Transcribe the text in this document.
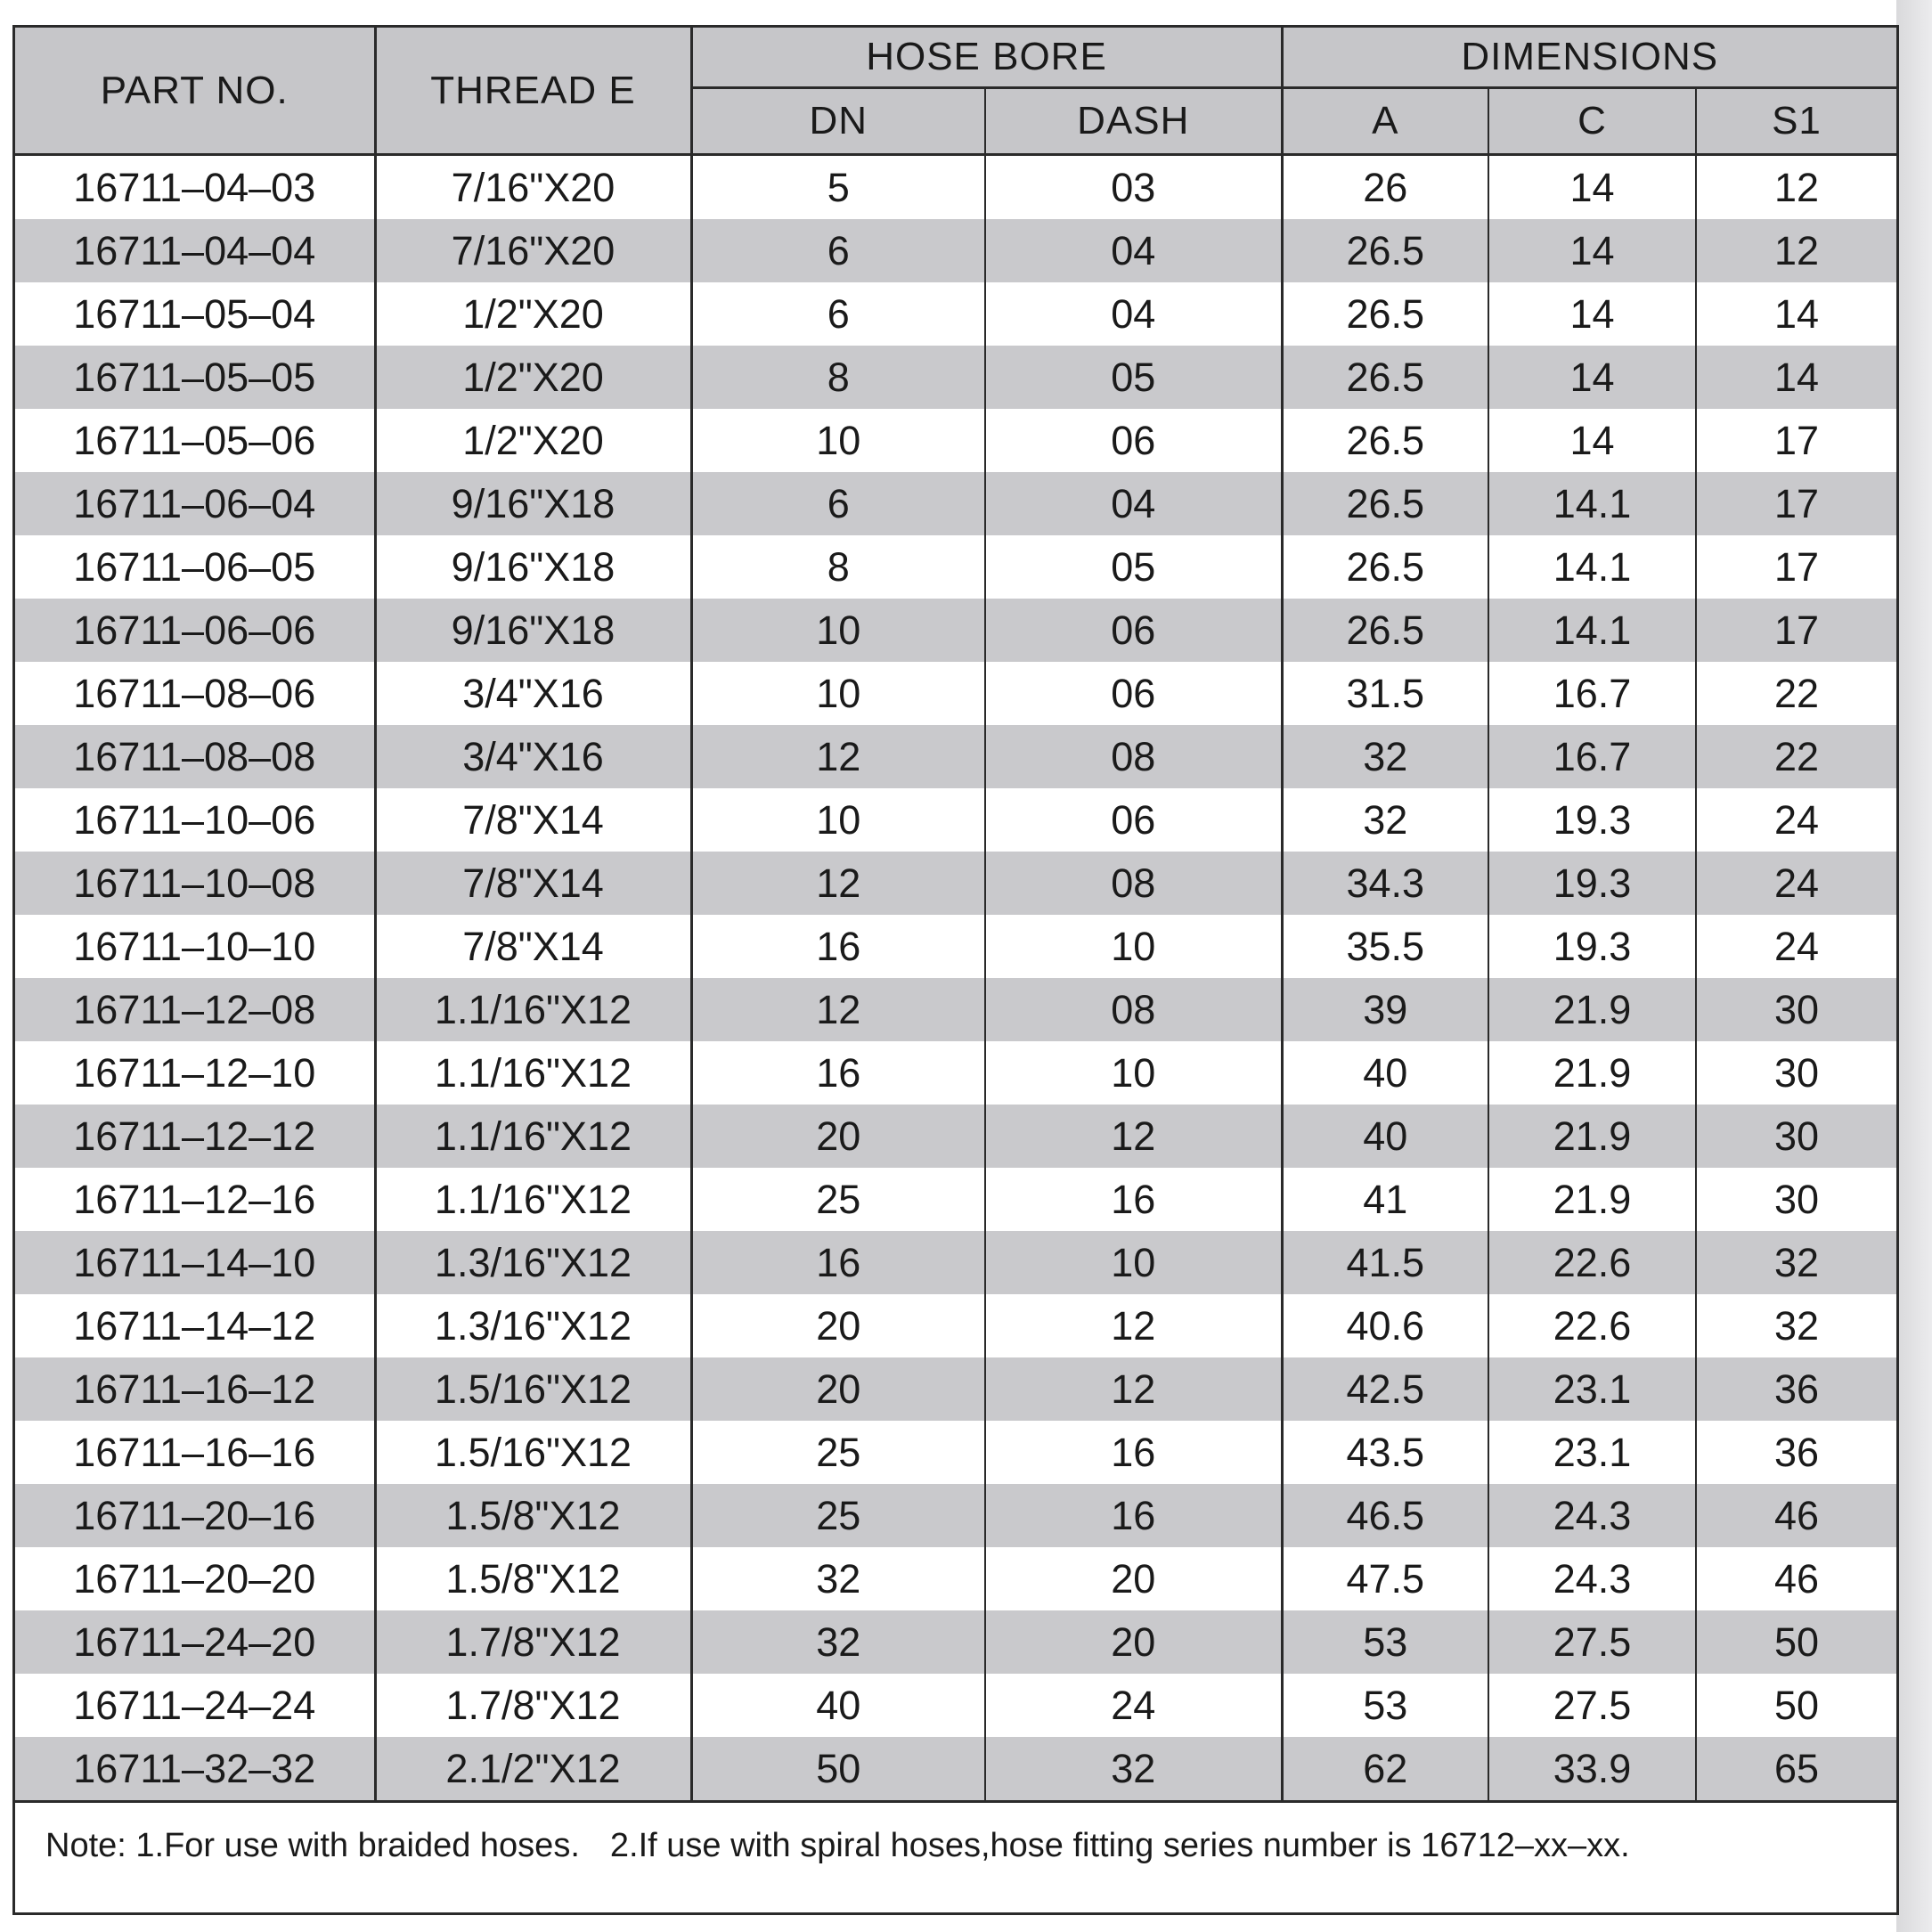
PART NO.	THREAD E	HOSE BORE		DIMENSIONS		
		DN	DASH	A	C	S1
16711–04–03	7/16"X20	5	03	26	14	12
16711–04–04	7/16"X20	6	04	26.5	14	12
16711–05–04	1/2"X20	6	04	26.5	14	14
16711–05–05	1/2"X20	8	05	26.5	14	14
16711–05–06	1/2"X20	10	06	26.5	14	17
16711–06–04	9/16"X18	6	04	26.5	14.1	17
16711–06–05	9/16"X18	8	05	26.5	14.1	17
16711–06–06	9/16"X18	10	06	26.5	14.1	17
16711–08–06	3/4"X16	10	06	31.5	16.7	22
16711–08–08	3/4"X16	12	08	32	16.7	22
16711–10–06	7/8"X14	10	06	32	19.3	24
16711–10–08	7/8"X14	12	08	34.3	19.3	24
16711–10–10	7/8"X14	16	10	35.5	19.3	24
16711–12–08	1.1/16"X12	12	08	39	21.9	30
16711–12–10	1.1/16"X12	16	10	40	21.9	30
16711–12–12	1.1/16"X12	20	12	40	21.9	30
16711–12–16	1.1/16"X12	25	16	41	21.9	30
16711–14–10	1.3/16"X12	16	10	41.5	22.6	32
16711–14–12	1.3/16"X12	20	12	40.6	22.6	32
16711–16–12	1.5/16"X12	20	12	42.5	23.1	36
16711–16–16	1.5/16"X12	25	16	43.5	23.1	36
16711–20–16	1.5/8"X12	25	16	46.5	24.3	46
16711–20–20	1.5/8"X12	32	20	47.5	24.3	46
16711–24–20	1.7/8"X12	32	20	53	27.5	50
16711–24–24	1.7/8"X12	40	24	53	27.5	50
16711–32–32	2.1/2"X12	50	32	62	33.9	65
Note: 1.For use with braided hoses. 2.If use with spiral hoses,hose fitting series number is 16712–xx–xx.
